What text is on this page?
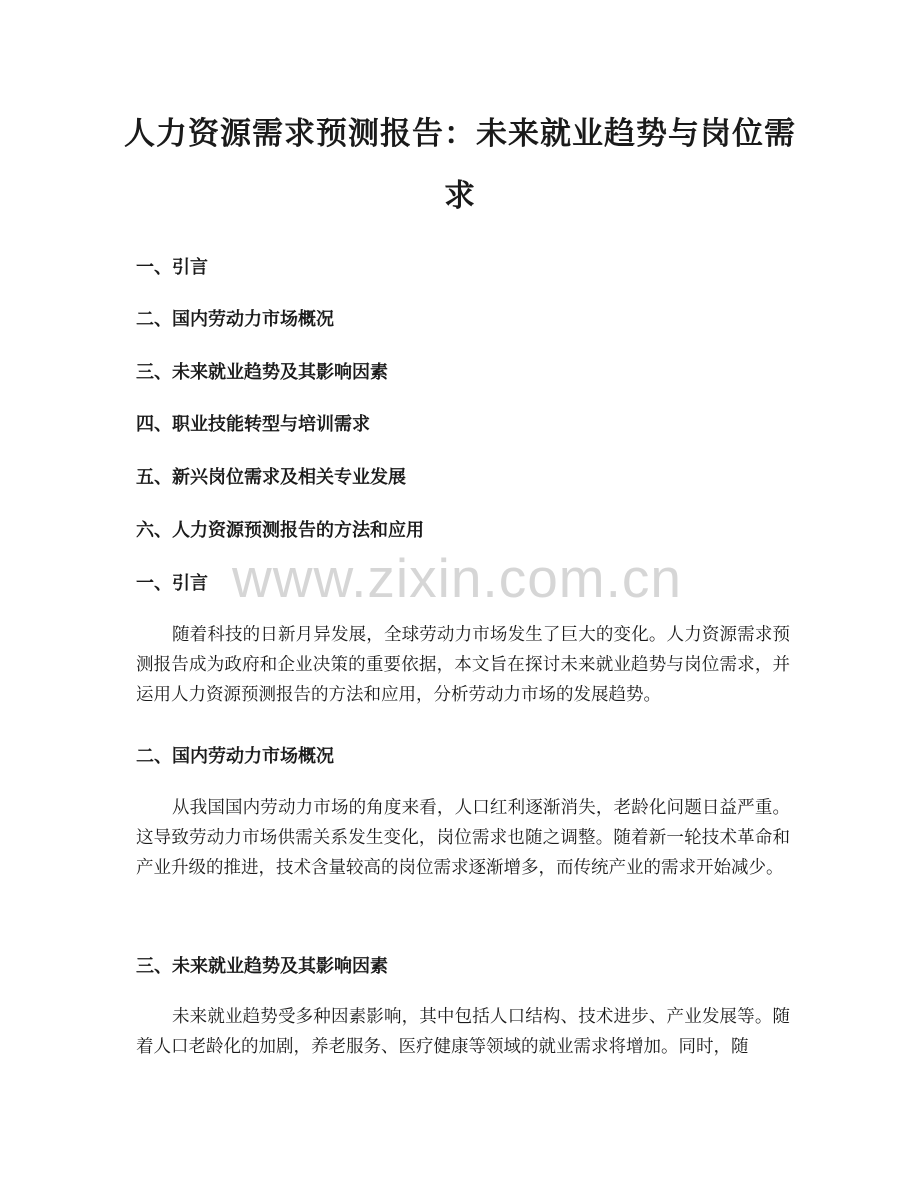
人力资源需求预测报告：未来就业趋势与岗位需求
一、引言
二、国内劳动力市场概况
三、未来就业趋势及其影响因素
四、职业技能转型与培训需求
五、新兴岗位需求及相关专业发展
六、人力资源预测报告的方法和应用
www.zixin.com.cn
一、引言
随着科技的日新月异发展，全球劳动力市场发生了巨大的变化。人力资源需求预测报告成为政府和企业决策的重要依据，本文旨在探讨未来就业趋势与岗位需求，并运用人力资源预测报告的方法和应用，分析劳动力市场的发展趋势。
二、国内劳动力市场概况
从我国国内劳动力市场的角度来看，人口红利逐渐消失，老龄化问题日益严重。这导致劳动力市场供需关系发生变化，岗位需求也随之调整。随着新一轮技术革命和产业升级的推进，技术含量较高的岗位需求逐渐增多，而传统产业的需求开始减少。
三、未来就业趋势及其影响因素
未来就业趋势受多种因素影响，其中包括人口结构、技术进步、产业发展等。随着人口老龄化的加剧，养老服务、医疗健康等领域的就业需求将增加。同时，随
